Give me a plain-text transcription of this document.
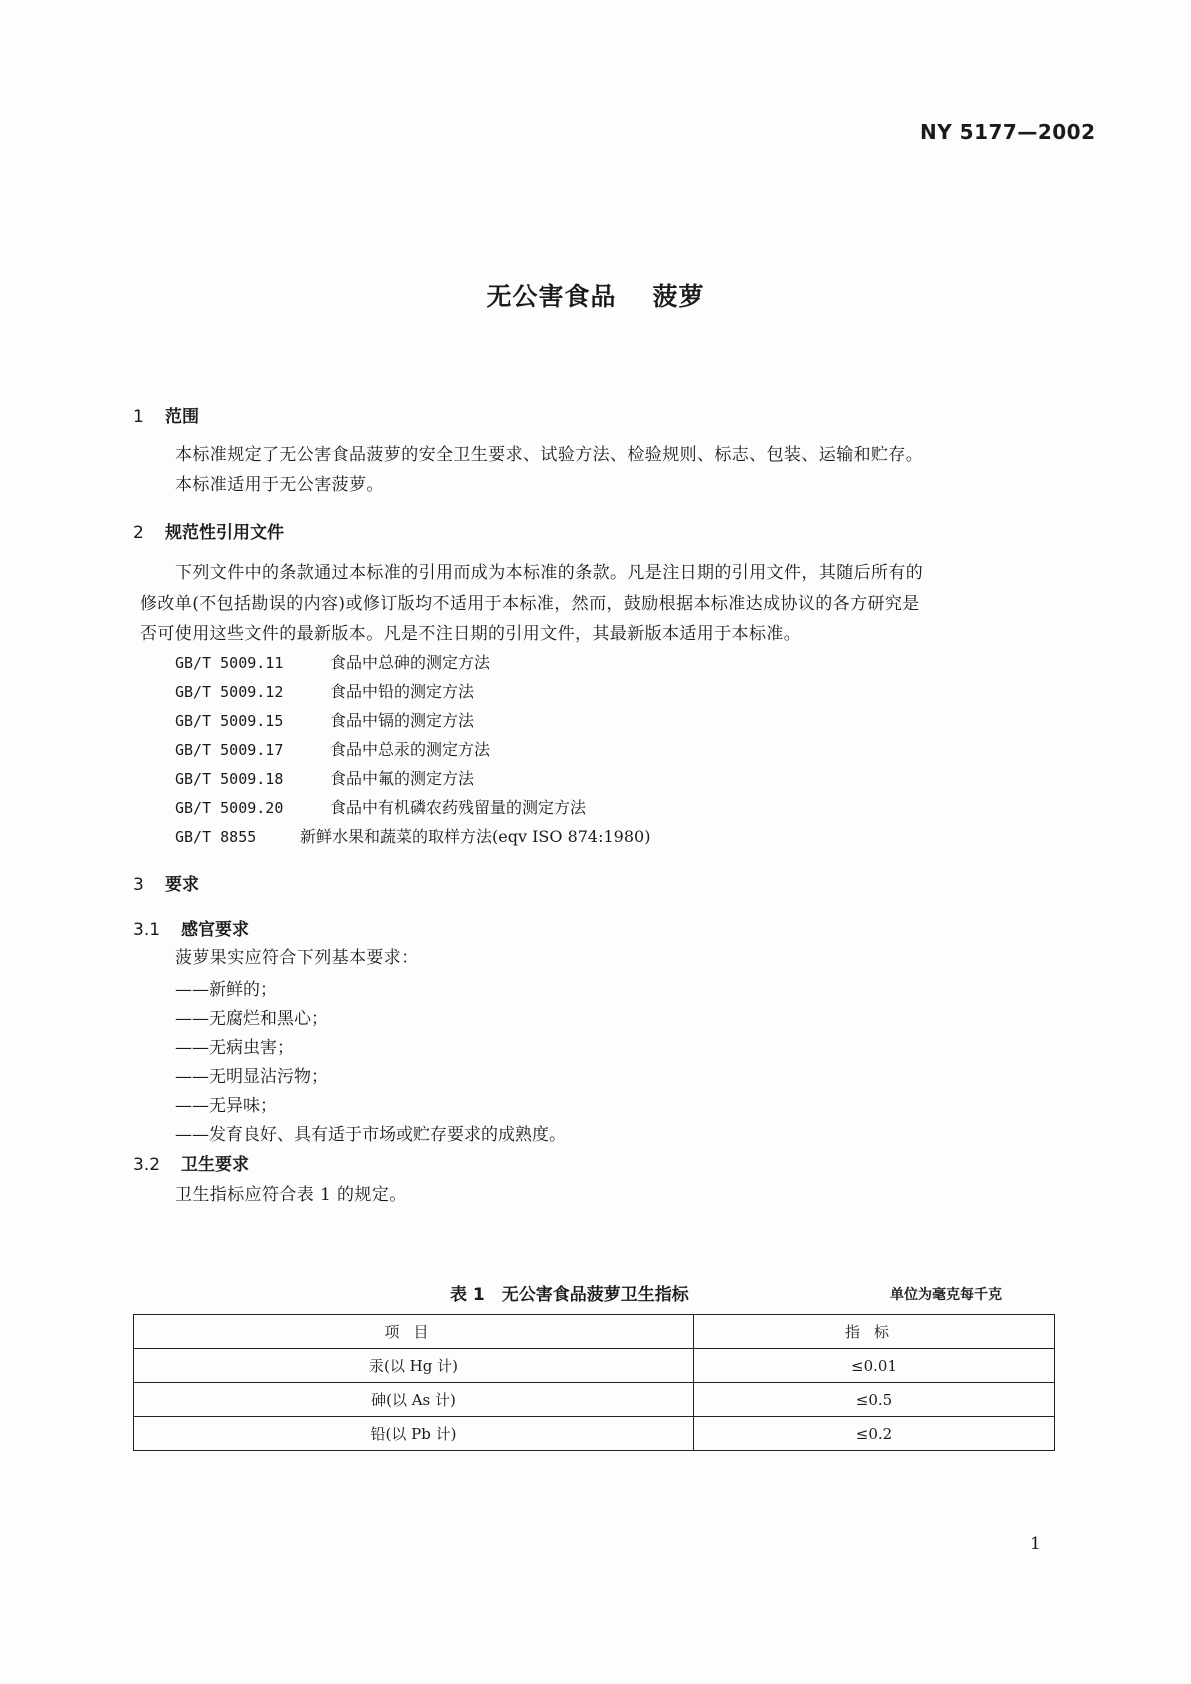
NY 5177—2002
无公害食品 菠萝
1 范围
本标准规定了无公害食品菠萝的安全卫生要求、试验方法、检验规则、标志、包装、运输和贮存。
本标准适用于无公害菠萝。
2 规范性引用文件
下列文件中的条款通过本标准的引用而成为本标准的条款。凡是注日期的引用文件，其随后所有的
修改单(不包括勘误的内容)或修订版均不适用于本标准，然而，鼓励根据本标准达成协议的各方研究是
否可使用这些文件的最新版本。凡是不注日期的引用文件，其最新版本适用于本标准。
GB/T 5009.11	食品中总砷的测定方法
GB/T 5009.12	食品中铅的测定方法
GB/T 5009.15	食品中镉的测定方法
GB/T 5009.17	食品中总汞的测定方法
GB/T 5009.18	食品中氟的测定方法
GB/T 5009.20	食品中有机磷农药残留量的测定方法
GB/T 8855	新鲜水果和蔬菜的取样方法(eqv ISO 874:1980)
3 要求
3.1 感官要求
菠萝果实应符合下列基本要求：
——新鲜的；
——无腐烂和黑心；
——无病虫害；
——无明显沾污物；
——无异味；
——发育良好、具有适于市场或贮存要求的成熟度。
3.2 卫生要求
卫生指标应符合表 1 的规定。
表 1　无公害食品菠萝卫生指标	单位为毫克每千克
项目	指标
汞(以 Hg 计)	≤0.01
砷(以 As 计)	≤0.5
铅(以 Pb 计)	≤0.2
1
